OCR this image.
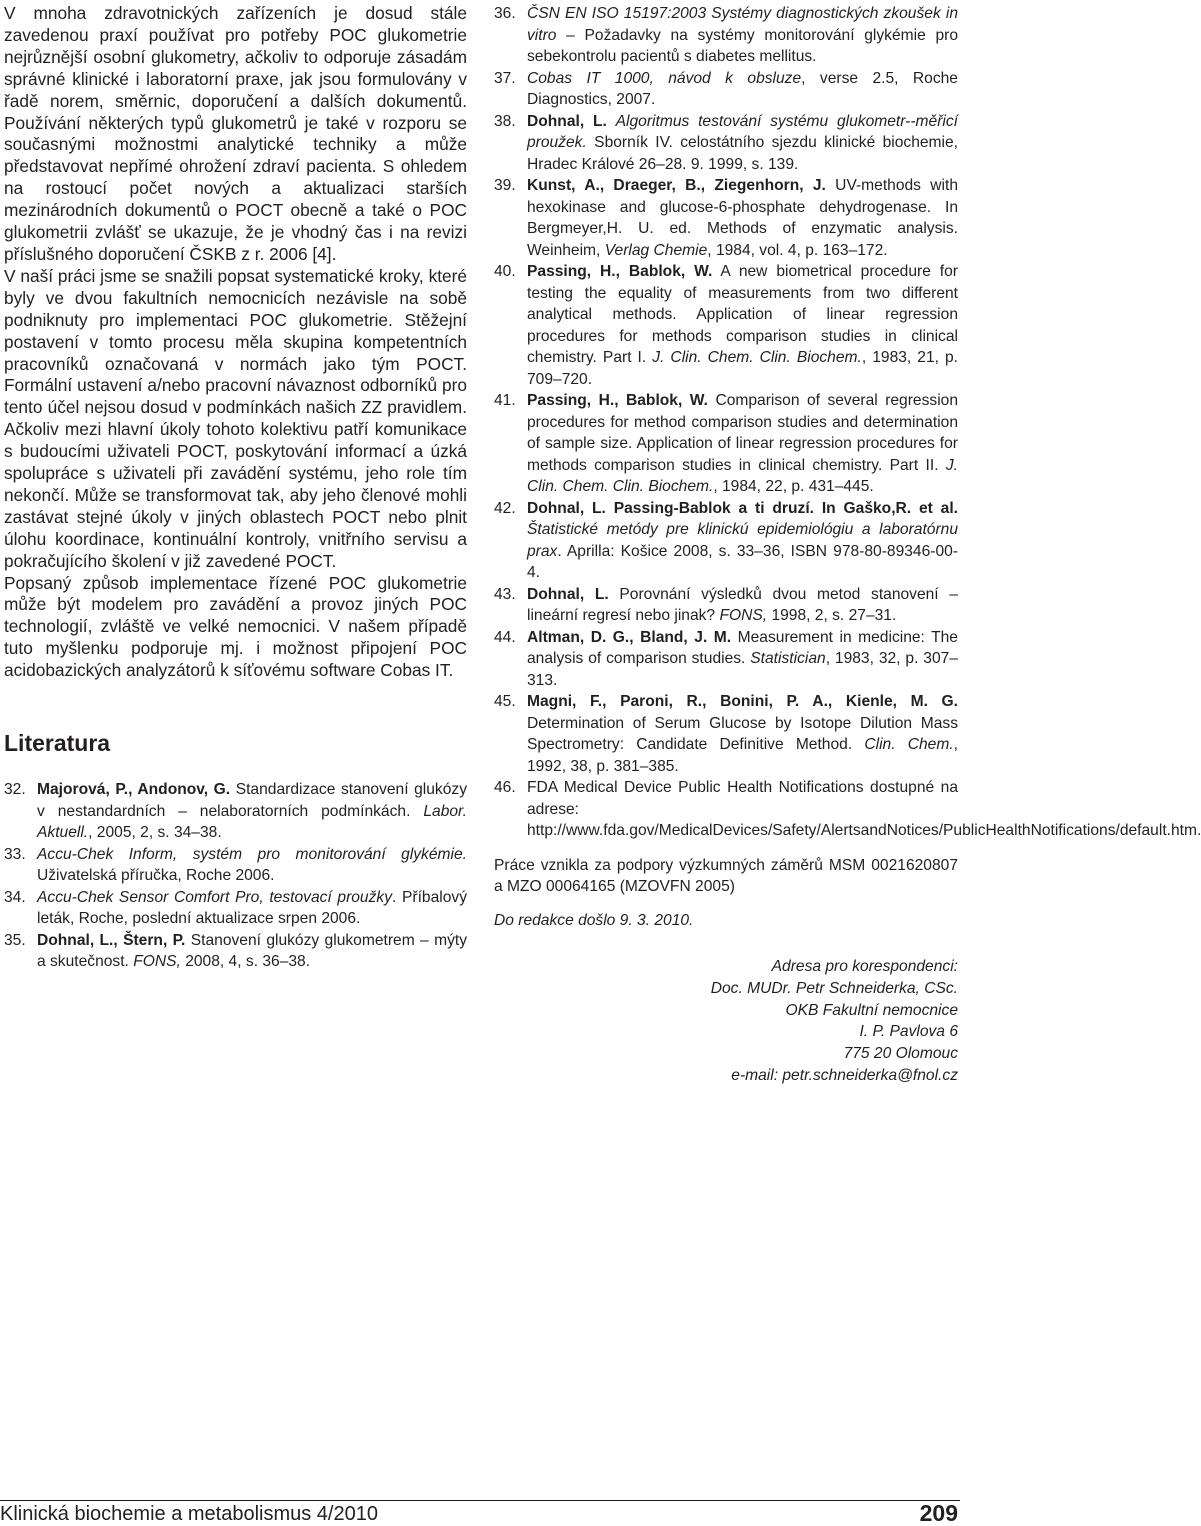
V mnoha zdravotnických zařízeních je dosud stále zavedenou praxí používat pro potřeby POC glukometrie nejrůznější osobní glukometry, ačkoliv to odporuje zásadám správné klinické i laboratorní praxe, jak jsou formulovány v řadě norem, směrnic, doporučení a dalších dokumentů. Používání některých typů glukometrů je také v rozporu se současnými možnostmi analytické techniky a může představovat nepřímé ohrožení zdraví pacienta. S ohledem na rostoucí počet nových a aktualizaci starších mezinárodních dokumentů o POCT obecně a také o POC glukometrii zvlášť se ukazuje, že je vhodný čas i na revizi příslušného doporučení ČSKB z r. 2006 [4].

V naší práci jsme se snažili popsat systematické kroky, které byly ve dvou fakultních nemocnicích nezávisle na sobě podniknuty pro implementaci POC glukometrie. Stěžejní postavení v tomto procesu měla skupina kompetentních pracovníků označovaná v normách jako tým POCT. Formální ustavení a/nebo pracovní návaznost odborníků pro tento účel nejsou dosud v podmínkách našich ZZ pravidlem. Ačkoliv mezi hlavní úkoly tohoto kolektivu patří komunikace s budoucími uživateli POCT, poskytování informací a úzká spolupráce s uživateli při zavádění systému, jeho role tím nekončí. Může se transformovat tak, aby jeho členové mohli zastávat stejné úkoly v jiných oblastech POCT nebo plnit úlohu koordinace, kontinuální kontroly, vnitřního servisu a pokračujícího školení v již zavedené POCT.

Popsaný způsob implementace řízené POC glukometrie může být modelem pro zavádění a provoz jiných POC technologií, zvláště ve velké nemocnici. V našem případě tuto myšlenku podporuje mj. i možnost připojení POC acidobazických analyzátorů k síťovému software Cobas IT.

Literatura
32. Majorová, P., Andonov, G. Standardizace stanovení glukózy v nestandardních – nelaboratorních podmínkách. Labor. Aktuell., 2005, 2, s. 34–38.
33. Accu-Chek Inform, systém pro monitorování glykémie. Uživatelská příručka, Roche 2006.
34. Accu-Chek Sensor Comfort Pro, testovací proužky. Příbalový leták, Roche, poslední aktualizace srpen 2006.
35. Dohnal, L., Štern, P. Stanovení glukózy glukometrem – mýty a skutečnost. FONS, 2008, 4, s. 36–38.
36. ČSN EN ISO 15197:2003 Systémy diagnostických zkoušek in vitro – Požadavky na systémy monitorování glykémie pro sebekontrolu pacientů s diabetes mellitus.
37. Cobas IT 1000, návod k obsluze, verse 2.5, Roche Diagnostics, 2007.
38. Dohnal, L. Algoritmus testování systému glukometr--měřicí proužek. Sborník IV. celostátního sjezdu klinické biochemie, Hradec Králové 26–28. 9. 1999, s. 139.
39. Kunst, A., Draeger, B., Ziegenhorn, J. UV-methods with hexokinase and glucose-6-phosphate dehydrogenase. In Bergmeyer,H. U. ed. Methods of enzymatic analysis. Weinheim, Verlag Chemie, 1984, vol. 4, p. 163–172.
40. Passing, H., Bablok, W. A new biometrical procedure for testing the equality of measurements from two different analytical methods. Application of linear regression procedures for methods comparison studies in clinical chemistry. Part I. J. Clin. Chem. Clin. Biochem., 1983, 21, p. 709–720.
41. Passing, H., Bablok, W. Comparison of several regression procedures for method comparison studies and determination of sample size. Application of linear regression procedures for methods comparison studies in clinical chemistry. Part II. J. Clin. Chem. Clin. Biochem., 1984, 22, p. 431–445.
42. Dohnal, L. Passing-Bablok a ti druzí. In Gaško,R. et al. Štatistické metódy pre klinickú epidemiológiu a laboratórnu prax. Aprilla: Košice 2008, s. 33–36, ISBN 978-80-89346-00-4.
43. Dohnal, L. Porovnání výsledků dvou metod stanovení – lineární regresí nebo jinak? FONS, 1998, 2, s. 27–31.
44. Altman, D. G., Bland, J. M. Measurement in medicine: The analysis of comparison studies. Statistician, 1983, 32, p. 307–313.
45. Magni, F., Paroni, R., Bonini, P. A., Kienle, M. G. Determination of Serum Glucose by Isotope Dilution Mass Spectrometry: Candidate Definitive Method. Clin. Chem., 1992, 38, p. 381–385.
46. FDA Medical Device Public Health Notifications dostupné na adrese: http://www.fda.gov/MedicalDevices/Safety/AlertsandNotices/PublicHealthNotifications/default.htm.

Práce vznikla za podpory výzkumných záměrů MSM 0021620807 a MZO 00064165 (MZOVFN 2005)

Do redakce došlo 9. 3. 2010.

Adresa pro korespondenci:

Doc. MUDr. Petr Schneiderka, CSc.

OKB Fakultní nemocnice

I. P. Pavlova 6

775 20 Olomouc

e-mail: petr.schneiderka@fnol.cz

Klinická biochemie a metabolismus 4/2010	209
